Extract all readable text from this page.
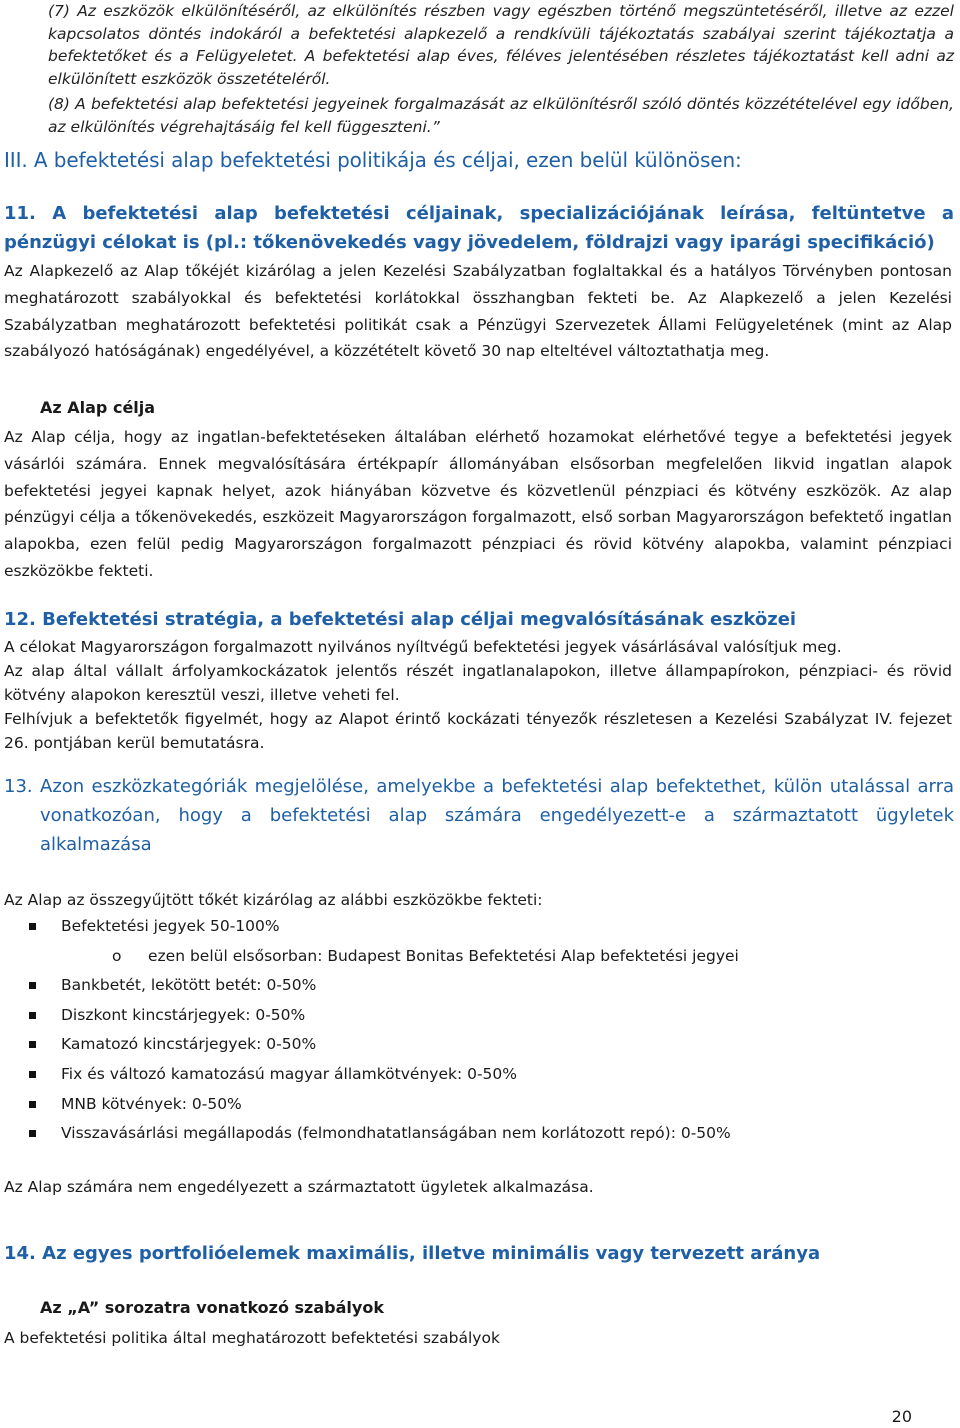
(7) Az eszközök elkülönítéséről, az elkülönítés részben vagy egészben történő megszüntetéséről, illetve az ezzel kapcsolatos döntés indokáról a befektetési alapkezelő a rendkívüli tájékoztatás szabályai szerint tájékoztatja a befektetőket és a Felügyeletet. A befektetési alap éves, féléves jelentésében részletes tájékoztatást kell adni az elkülönített eszközök összetételéről.

(8) A befektetési alap befektetési jegyeinek forgalmazását az elkülönítésről szóló döntés közzétételével egy időben, az elkülönítés végrehajtásáig fel kell függeszteni.”

III. A befektetési alap befektetési politikája és céljai, ezen belül különösen:
11. A befektetési alap befektetési céljainak, specializációjának leírása, feltüntetve a pénzügyi célokat is (pl.: tőkenövekedés vagy jövedelem, földrajzi vagy iparági specifikáció)

Az Alapkezelő az Alap tőkéjét kizárólag a jelen Kezelési Szabályzatban foglaltakkal és a hatályos Törvényben pontosan meghatározott szabályokkal és befektetési korlátokkal összhangban fekteti be. Az Alapkezelő a jelen Kezelési Szabályzatban meghatározott befektetési politikát csak a Pénzügyi Szervezetek Állami Felügyeletének (mint az Alap szabályozó hatóságának) engedélyével, a közzétételt követő 30 nap elteltével változtathatja meg.

Az Alap célja

Az Alap célja, hogy az ingatlan-befektetéseken általában elérhető hozamokat elérhetővé tegye a befektetési jegyek vásárlói számára. Ennek megvalósítására értékpapír állományában elsősorban megfelelően likvid ingatlan alapok befektetési jegyei kapnak helyet, azok hiányában közvetve és közvetlenül pénzpiaci és kötvény eszközök. Az alap pénzügyi célja a tőkenövekedés, eszközeit Magyarországon forgalmazott, első sorban Magyarországon befektető ingatlan alapokba, ezen felül pedig Magyarországon forgalmazott pénzpiaci és rövid kötvény alapokba, valamint pénzpiaci eszközökbe fekteti.

12. Befektetési stratégia, a befektetési alap céljai megvalósításának eszközei

A célokat Magyarországon forgalmazott nyilvános nyíltvégű befektetési jegyek vásárlásával valósítjuk meg.

Az alap által vállalt árfolyamkockázatok jelentős részét ingatlanalapokon, illetve állampapírokon, pénzpiaci- és rövid kötvény alapokon keresztül veszi, illetve veheti fel.

Felhívjuk a befektetők figyelmét, hogy az Alapot érintő kockázati tényezők részletesen a Kezelési Szabályzat IV. fejezet 26. pontjában kerül bemutatásra.

13. Azon eszközkategóriák megjelölése, amelyekbe a befektetési alap befektethet, külön utalással arra vonatkozóan, hogy a befektetési alap számára engedélyezett-e a származtatott ügyletek alkalmazása

Az Alap az összegyűjtött tőkét kizárólag az alábbi eszközökbe fekteti:

Befektetési jegyek 50-100%
o ezen belül elsősorban: Budapest Bonitas Befektetési Alap befektetési jegyei
Bankbetét, lekötött betét: 0-50%
Diszkont kincstárjegyek: 0-50%
Kamatozó kincstárjegyek: 0-50%
Fix és változó kamatozású magyar államkötvények: 0-50%
MNB kötvények: 0-50%
Visszavásárlási megállapodás (felmondhatatlanságában nem korlátozott repó): 0-50%

Az Alap számára nem engedélyezett a származtatott ügyletek alkalmazása.

14. Az egyes portfolióelemek maximális, illetve minimális vagy tervezett aránya
Az „A” sorozatra vonatkozó szabályok

A befektetési politika által meghatározott befektetési szabályok

20
